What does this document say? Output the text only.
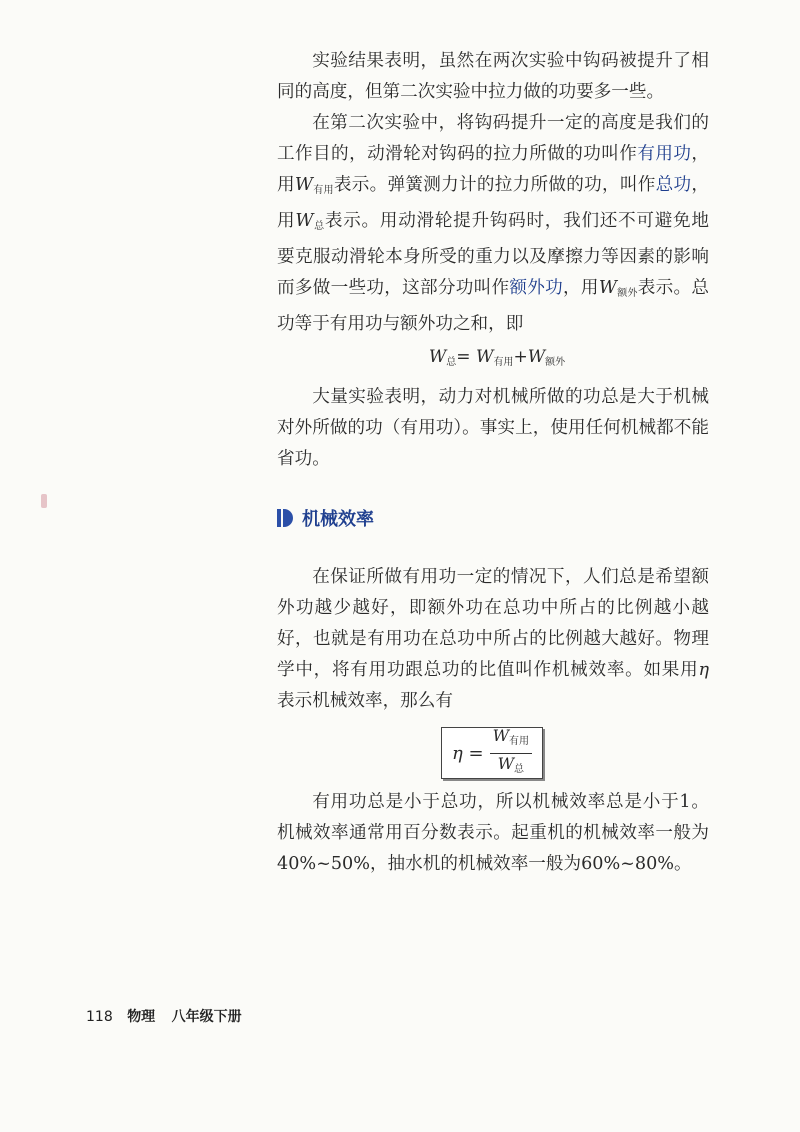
实验结果表明，虽然在两次实验中钩码被提升了相同的高度，但第二次实验中拉力做的功要多一些。

在第二次实验中，将钩码提升一定的高度是我们的工作目的，动滑轮对钩码的拉力所做的功叫作有用功，用$W_{有用}$表示。弹簧测力计的拉力所做的功，叫作总功，用$W_总$表示。用动滑轮提升钩码时，我们还不可避免地要克服动滑轮本身所受的重力以及摩擦力等因素的影响而多做一些功，这部分功叫作额外功，用$W_{额外}$表示。总功等于有用功与额外功之和，即

$W_总= W_{有用}+W_{额外}$

大量实验表明，动力对机械所做的功总是大于机械对外所做的功（有用功）。事实上，使用任何机械都不能省功。

机械效率

在保证所做有用功一定的情况下，人们总是希望额外功越少越好，即额外功在总功中所占的比例越小越好，也就是有用功在总功中所占的比例越大越好。物理学中，将有用功跟总功的比值叫作机械效率。如果用η表示机械效率，那么有

η
= $\frac{W_{有用}}{W_总}$

有用功总是小于总功，所以机械效率总是小于1。机械效率通常用百分数表示。起重机的机械效率一般为40%~50%，抽水机的机械效率一般为60%~80%。

118 物理 八年级下册
